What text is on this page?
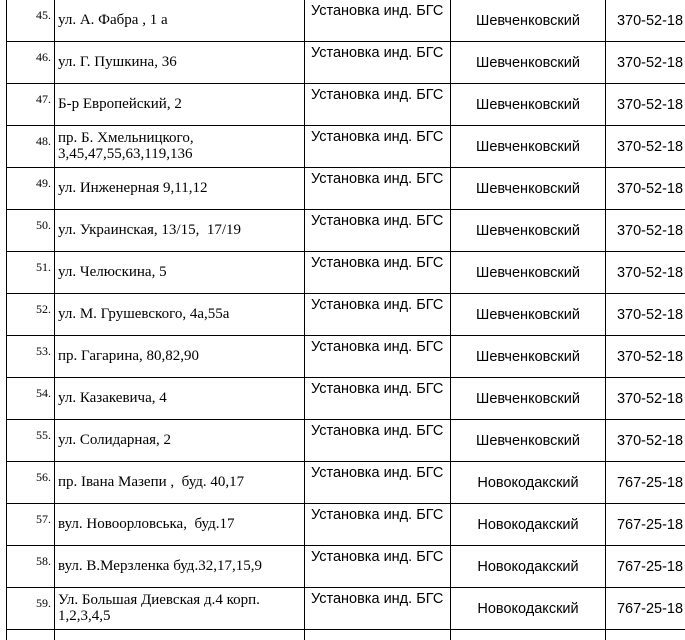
45.	ул. А. Фабра , 1 а	Установка инд. БГС	Шевченковский	370-52-18
46.	ул. Г. Пушкина, 36	Установка инд. БГС	Шевченковский	370-52-18
47.	Б-р Европейский, 2	Установка инд. БГС	Шевченковский	370-52-18
48.	пр. Б. Хмельницкого, 3,45,47,55,63,119,136	Установка инд. БГС	Шевченковский	370-52-18
49.	ул. Инженерная 9,11,12	Установка инд. БГС	Шевченковский	370-52-18
50.	ул. Украинская, 13/15,  17/19	Установка инд. БГС	Шевченковский	370-52-18
51.	ул. Челюскина, 5	Установка инд. БГС	Шевченковский	370-52-18
52.	ул. М. Грушевского, 4а,55а	Установка инд. БГС	Шевченковский	370-52-18
53.	пр. Гагарина, 80,82,90	Установка инд. БГС	Шевченковский	370-52-18
54.	ул. Казакевича, 4	Установка инд. БГС	Шевченковский	370-52-18
55.	ул. Солидарная, 2	Установка инд. БГС	Шевченковский	370-52-18
56.	пр. Івана Мазепи ,  буд. 40,17	Установка инд. БГС	Новокодакский	767-25-18
57.	вул. Новоорловська,  буд.17	Установка инд. БГС	Новокодакский	767-25-18
58.	вул. В.Мерзленка буд.32,17,15,9	Установка инд. БГС	Новокодакский	767-25-18
59.	Ул. Большая Диевская д.4 корп. 1,2,3,4,5	Установка инд. БГС	Новокодакский	767-25-18
